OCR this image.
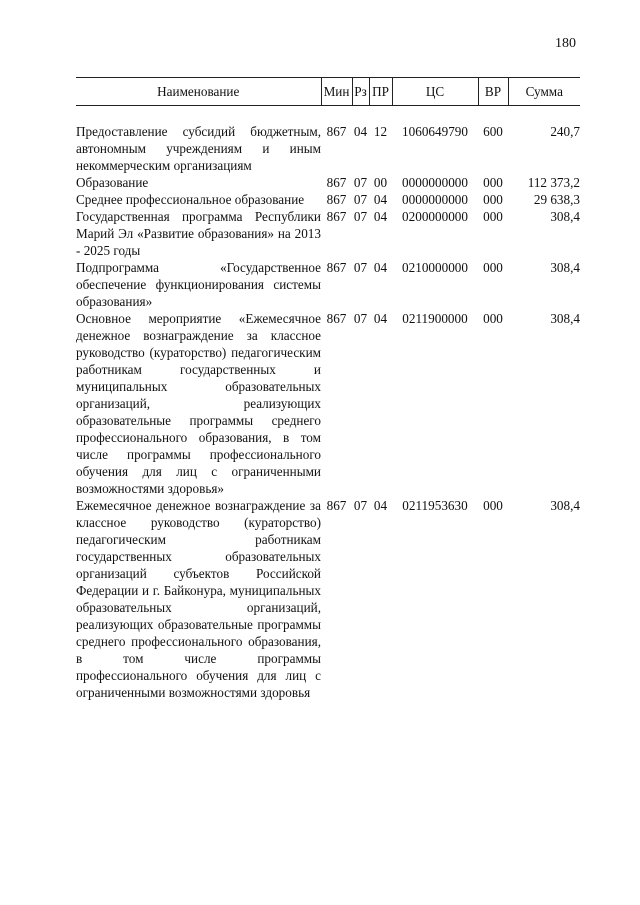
180
Наименование	Мин	Рз	ПР	ЦС	ВР	Сумма

Предоставление субсидий бюджетным, автономным учреждениям и иным некоммерческим организациям	867	04	12	1060649790	600	240,7
Образование	867	07	00	0000000000	000	112 373,2
Среднее профессиональное образование	867	07	04	0000000000	000	29 638,3
Государственная программа Республики Марий Эл «Развитие образования» на 2013 - 2025 годы	867	07	04	0200000000	000	308,4
Подпрограмма «Государственное обеспечение функционирования системы образования»	867	07	04	0210000000	000	308,4
Основное мероприятие «Ежемесячное денежное вознаграждение за классное руководство (кураторство) педагогическим работникам государственных и муниципальных образовательных организаций, реализующих образовательные программы среднего профессионального образования, в том числе программы профессионального обучения для лиц с ограниченными возможностями здоровья»	867	07	04	0211900000	000	308,4
Ежемесячное денежное вознаграждение за классное руководство (кураторство) педагогическим работникам государственных образовательных организаций субъектов Российской Федерации и г. Байконура, муниципальных образовательных организаций, реализующих образовательные программы среднего профессионального образования, в том числе программы профессионального обучения для лиц с ограниченными возможностями здоровья	867	07	04	0211953630	000	308,4
